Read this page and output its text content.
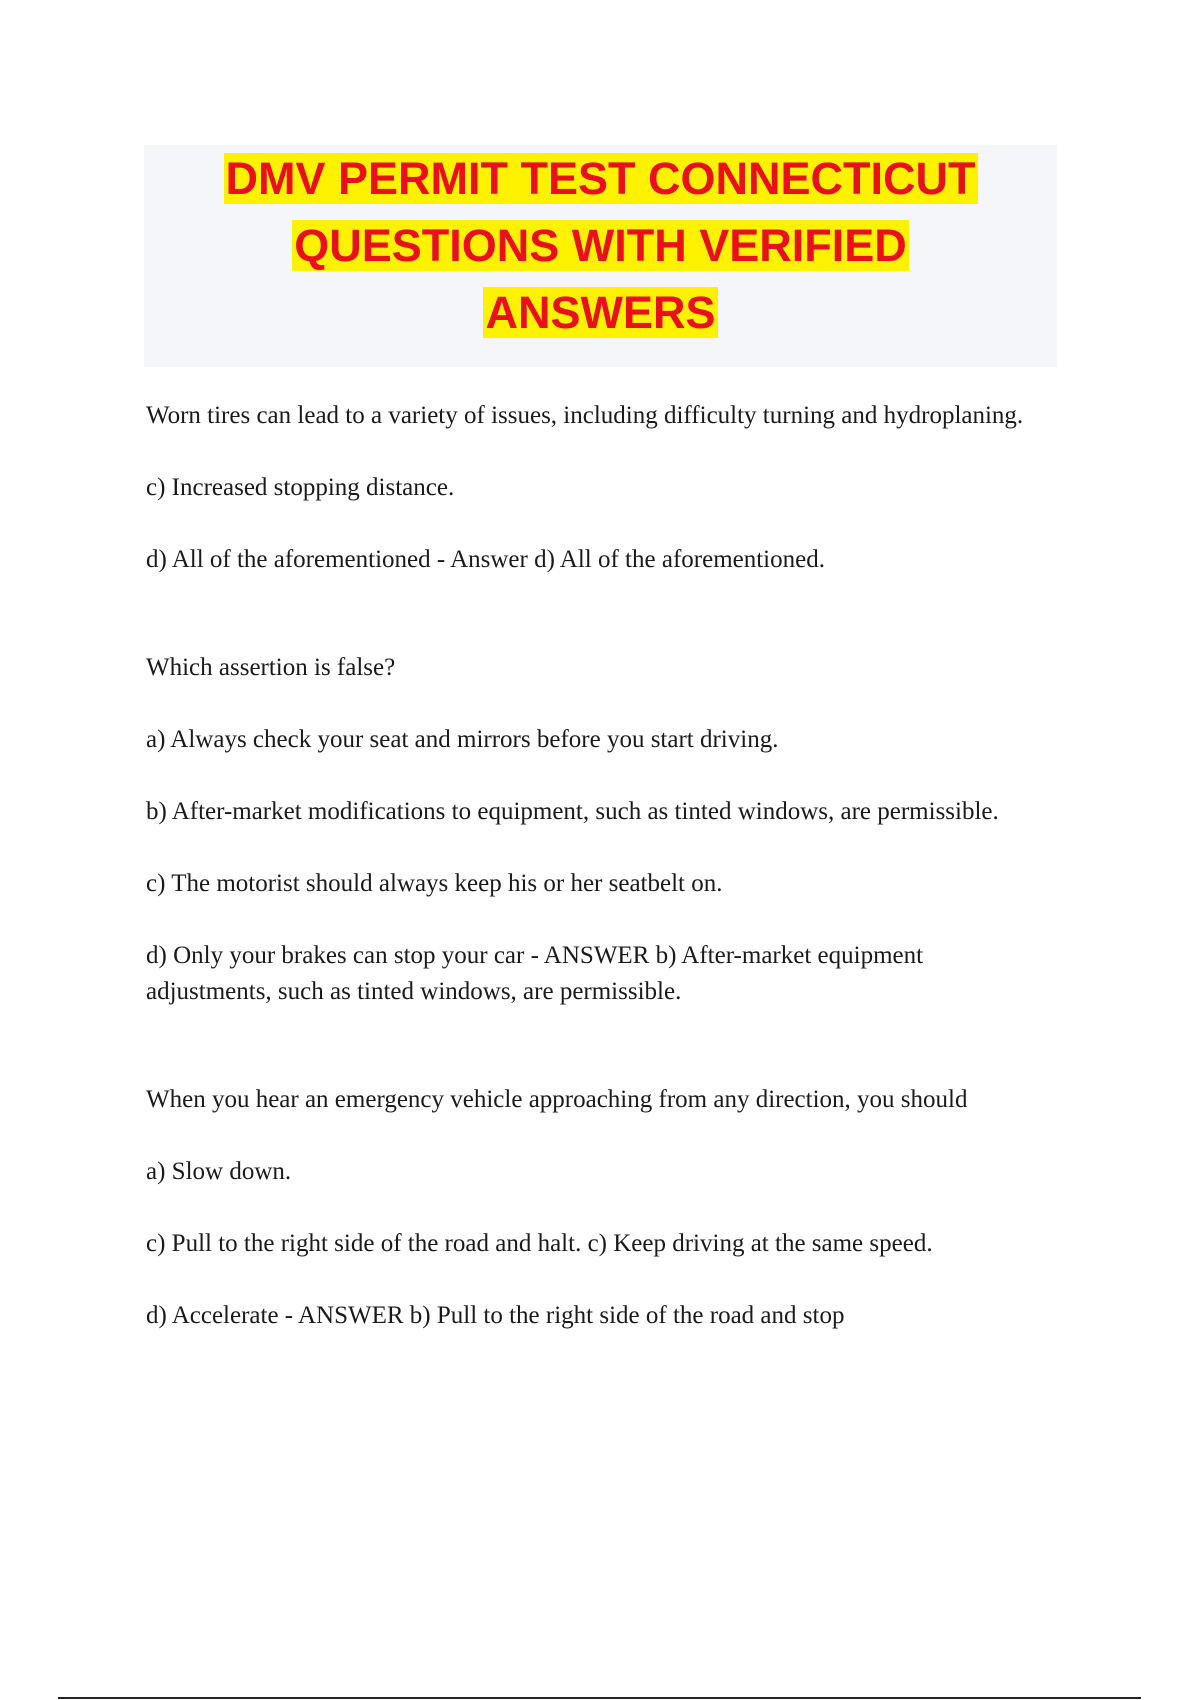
DMV PERMIT TEST CONNECTICUT
QUESTIONS WITH VERIFIED
ANSWERS

Worn tires can lead to a variety of issues, including difficulty turning and hydroplaning.

c) Increased stopping distance.

d) All of the aforementioned - Answer d) All of the aforementioned.

Which assertion is false?

a) Always check your seat and mirrors before you start driving.

b) After-market modifications to equipment, such as tinted windows, are permissible.

c) The motorist should always keep his or her seatbelt on.

d) Only your brakes can stop your car - ANSWER b) After-market equipment adjustments, such as tinted windows, are permissible.

When you hear an emergency vehicle approaching from any direction, you should

a) Slow down.

c) Pull to the right side of the road and halt. c) Keep driving at the same speed.

d) Accelerate - ANSWER b) Pull to the right side of the road and stop
